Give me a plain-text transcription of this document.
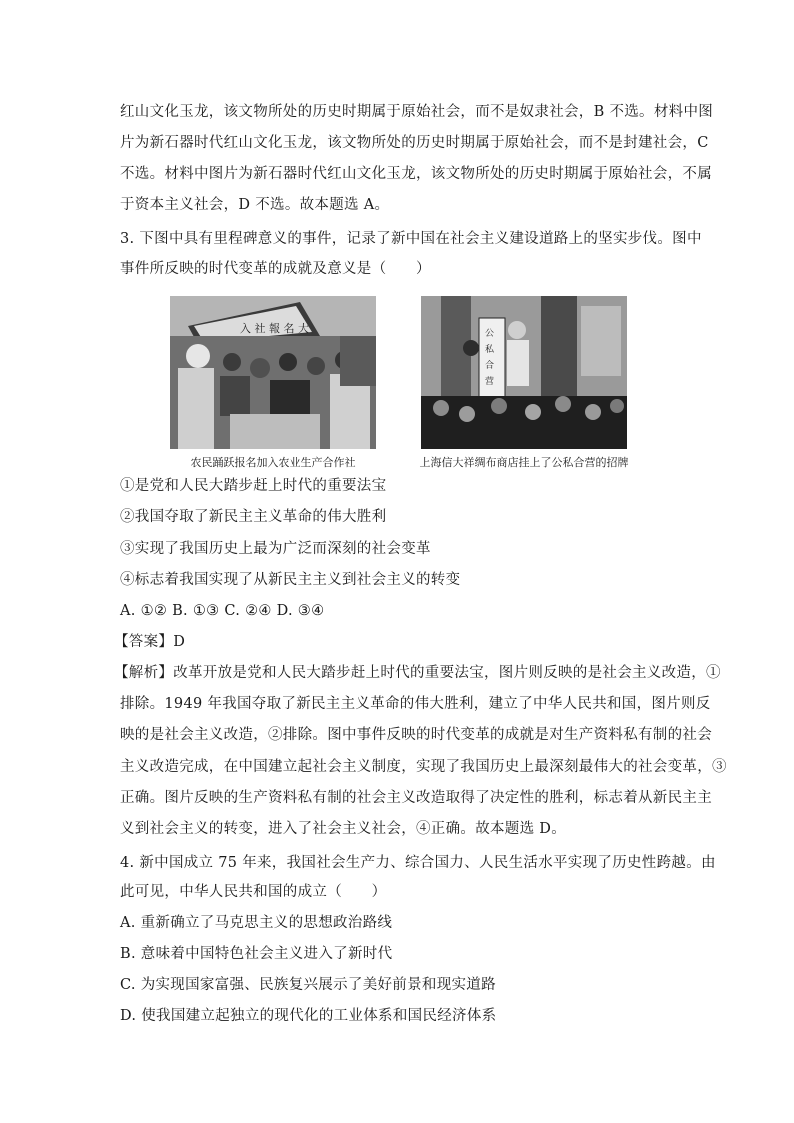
红山文化玉龙，该文物所处的历史时期属于原始社会，而不是奴隶社会，B 不选。材料中图
片为新石器时代红山文化玉龙，该文物所处的历史时期属于原始社会，而不是封建社会，C
不选。材料中图片为新石器时代红山文化玉龙，该文物所处的历史时期属于原始社会，不属
于资本主义社会，D 不选。故本题选 A。
3. 下图中具有里程碑意义的事件，记录了新中国在社会主义建设道路上的坚实步伐。图中
事件所反映的时代变革的成就及意义是（　　）
入 社 報 名 大
农民踊跃报名加入农业生产合作社
公
私
合
营
上海信大祥绸布商店挂上了公私合营的招牌
①是党和人民大踏步赶上时代的重要法宝
②我国夺取了新民主主义革命的伟大胜利
③实现了我国历史上最为广泛而深刻的社会变革
④标志着我国实现了从新民主主义到社会主义的转变
A. ①② B. ①③ C. ②④ D. ③④
【答案】D
【解析】改革开放是党和人民大踏步赶上时代的重要法宝，图片则反映的是社会主义改造，①
排除。1949 年我国夺取了新民主主义革命的伟大胜利，建立了中华人民共和国，图片则反
映的是社会主义改造，②排除。图中事件反映的时代变革的成就是对生产资料私有制的社会
主义改造完成，在中国建立起社会主义制度，实现了我国历史上最深刻最伟大的社会变革，③
正确。图片反映的生产资料私有制的社会主义改造取得了决定性的胜利，标志着从新民主主
义到社会主义的转变，进入了社会主义社会，④正确。故本题选 D。
4. 新中国成立 75 年来，我国社会生产力、综合国力、人民生活水平实现了历史性跨越。由
此可见，中华人民共和国的成立（　　）
A. 重新确立了马克思主义的思想政治路线
B. 意味着中国特色社会主义进入了新时代
C. 为实现国家富强、民族复兴展示了美好前景和现实道路
D. 使我国建立起独立的现代化的工业体系和国民经济体系
